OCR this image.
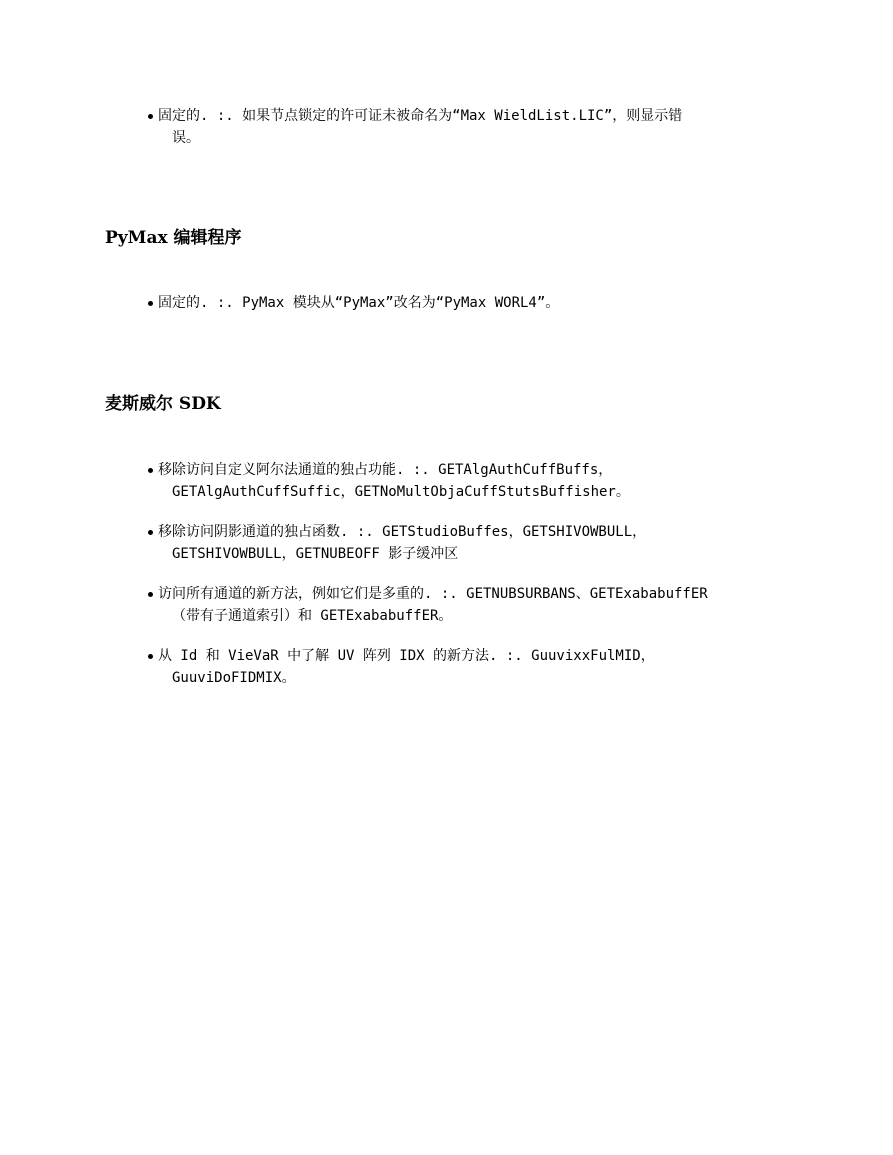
固定的. :. 如果节点锁定的许可证未被命名为“Max WieldList.LIC”，则显示错
误。
PyMax 编辑程序
固定的. :. PyMax 模块从“PyMax”改名为“PyMax WORL4”。
麦斯威尔 SDK
移除访问自定义阿尔法通道的独占功能. :. GETAlgAuthCuffBuffs，
GETAlgAuthCuffSuffic，GETNoMultObjaCuffStutsBuffisher。
移除访问阴影通道的独占函数. :. GETStudioBuffes，GETSHIVOWBULL，
GETSHIVOWBULL，GETNUBEOFF 影子缓冲区
访问所有通道的新方法，例如它们是多重的. :. GETNUBSURBANS、GETExababuffER
（带有子通道索引）和 GETExababuffER。
从 Id 和 VieVaR 中了解 UV 阵列 IDX 的新方法. :. GuuvixxFulMID，
GuuviDoFIDMIX。
